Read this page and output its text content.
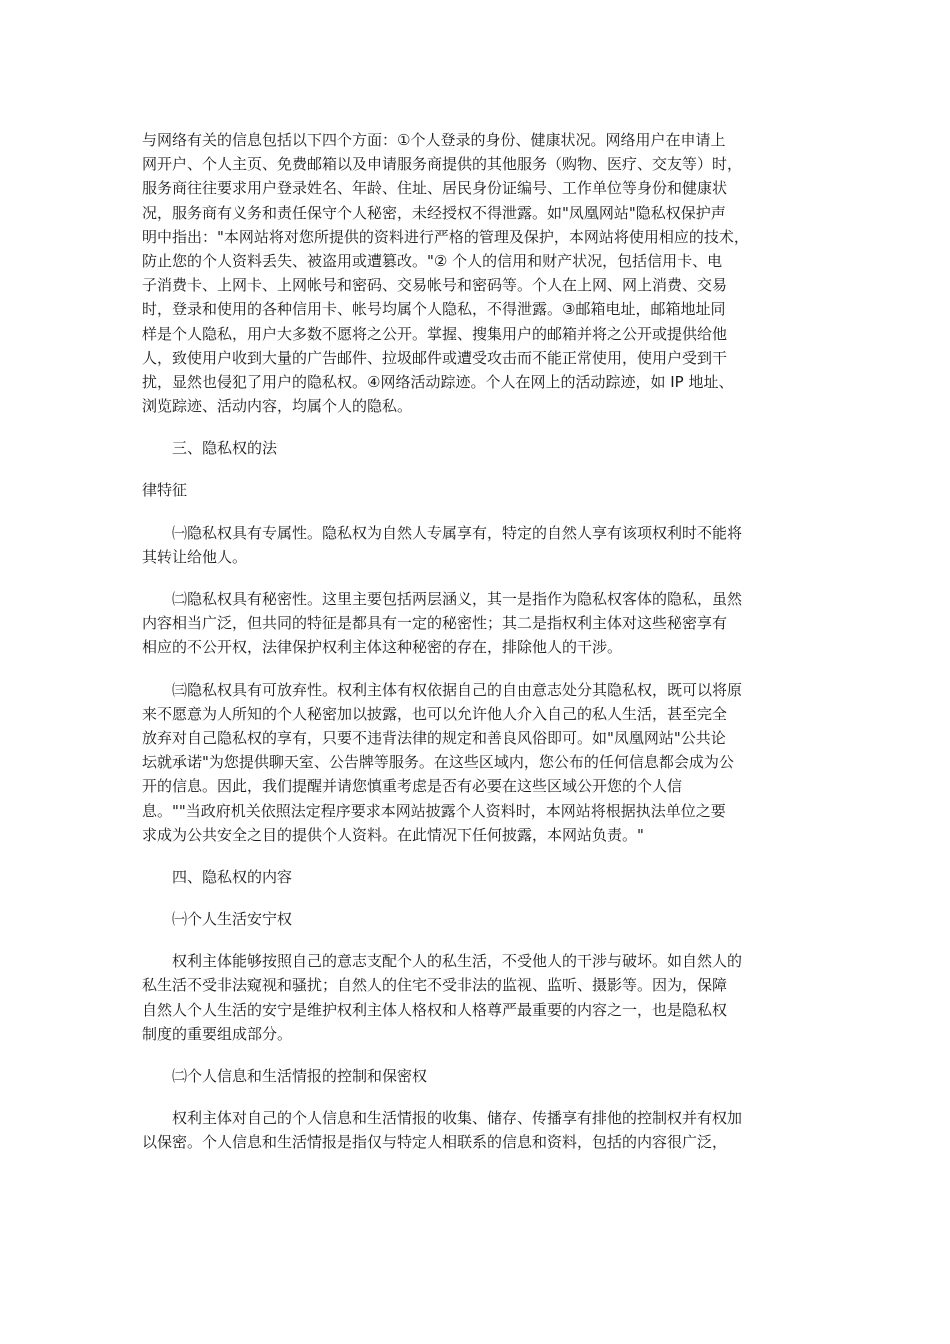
与网络有关的信息包括以下四个方面：①个人登录的身份、健康状况。网络用户在申请上
网开户、个人主页、免费邮箱以及申请服务商提供的其他服务（购物、医疗、交友等）时，
服务商往往要求用户登录姓名、年龄、住址、居民身份证编号、工作单位等身份和健康状
况，服务商有义务和责任保守个人秘密，未经授权不得泄露。如"凤凰网站"隐私权保护声
明中指出："本网站将对您所提供的资料进行严格的管理及保护，本网站将使用相应的技术，
防止您的个人资料丢失、被盗用或遭篡改。"② 个人的信用和财产状况，包括信用卡、电
子消费卡、上网卡、上网帐号和密码、交易帐号和密码等。个人在上网、网上消费、交易
时，登录和使用的各种信用卡、帐号均属个人隐私，不得泄露。③邮箱电址，邮箱地址同
样是个人隐私，用户大多数不愿将之公开。掌握、搜集用户的邮箱并将之公开或提供给他
人，致使用户收到大量的广告邮件、拉圾邮件或遭受攻击而不能正常使用，使用户受到干
扰，显然也侵犯了用户的隐私权。④网络活动踪迹。个人在网上的活动踪迹，如 IP 地址、
浏览踪迹、活动内容，均属个人的隐私。
　　三、隐私权的法
律特征
　　㈠隐私权具有专属性。隐私权为自然人专属享有，特定的自然人享有该项权利时不能将
其转让给他人。
　　㈡隐私权具有秘密性。这里主要包括两层涵义，其一是指作为隐私权客体的隐私，虽然
内容相当广泛，但共同的特征是都具有一定的秘密性；其二是指权利主体对这些秘密享有
相应的不公开权，法律保护权利主体这种秘密的存在，排除他人的干涉。
　　㈢隐私权具有可放弃性。权利主体有权依据自己的自由意志处分其隐私权，既可以将原
来不愿意为人所知的个人秘密加以披露，也可以允许他人介入自己的私人生活，甚至完全
放弃对自己隐私权的享有，只要不违背法律的规定和善良风俗即可。如"凤凰网站"公共论
坛就承诺"为您提供聊天室、公告牌等服务。在这些区域内，您公布的任何信息都会成为公
开的信息。因此，我们提醒并请您慎重考虑是否有必要在这些区域公开您的个人信
息。""当政府机关依照法定程序要求本网站披露个人资料时，本网站将根据执法单位之要
求成为公共安全之目的提供个人资料。在此情况下任何披露，本网站负责。"
　　四、隐私权的内容
　　㈠个人生活安宁权
　　权利主体能够按照自己的意志支配个人的私生活，不受他人的干涉与破坏。如自然人的
私生活不受非法窥视和骚扰；自然人的住宅不受非法的监视、监听、摄影等。因为，保障
自然人个人生活的安宁是维护权利主体人格权和人格尊严最重要的内容之一，也是隐私权
制度的重要组成部分。
　　㈡个人信息和生活情报的控制和保密权
　　权利主体对自己的个人信息和生活情报的收集、储存、传播享有排他的控制权并有权加
以保密。个人信息和生活情报是指仅与特定人相联系的信息和资料，包括的内容很广泛，
